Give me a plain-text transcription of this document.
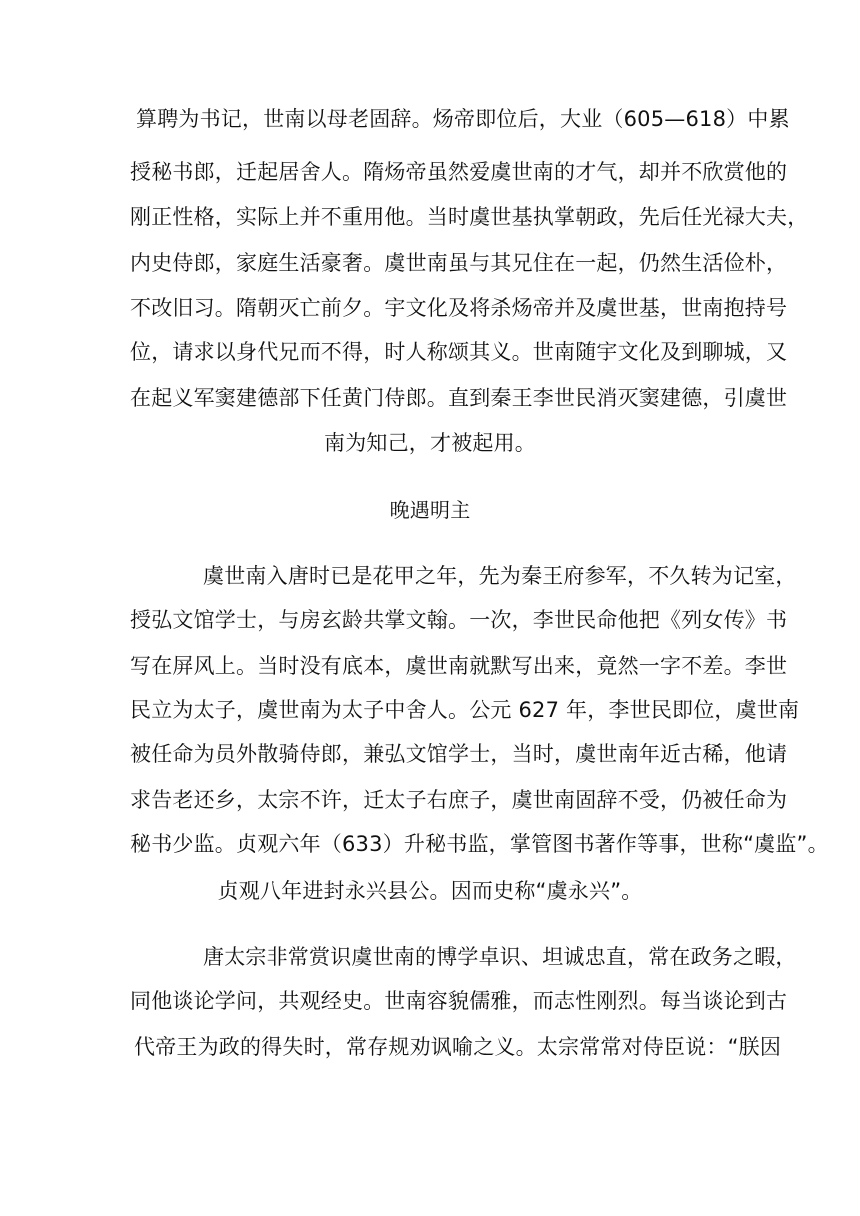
算聘为书记，世南以母老固辞。炀帝即位后，大业（605—618）中累
授秘书郎，迁起居舍人。隋炀帝虽然爱虞世南的才气，却并不欣赏他的
刚正性格，实际上并不重用他。当时虞世基执掌朝政，先后任光禄大夫，
内史侍郎，家庭生活豪奢。虞世南虽与其兄住在一起，仍然生活俭朴，
不改旧习。隋朝灭亡前夕。宇文化及将杀炀帝并及虞世基，世南抱持号
位，请求以身代兄而不得，时人称颂其义。世南随宇文化及到聊城，又
在起义军窦建德部下任黄门侍郎。直到秦王李世民消灭窦建德，引虞世
南为知己，才被起用。
晚遇明主
虞世南入唐时已是花甲之年，先为秦王府参军，不久转为记室，
授弘文馆学士，与房玄龄共掌文翰。一次，李世民命他把《列女传》书
写在屏风上。当时没有底本，虞世南就默写出来，竟然一字不差。李世
民立为太子，虞世南为太子中舍人。公元 627 年，李世民即位，虞世南
被任命为员外散骑侍郎，兼弘文馆学士，当时，虞世南年近古稀，他请
求告老还乡，太宗不许，迁太子右庶子，虞世南固辞不受，仍被任命为
秘书少监。贞观六年（633）升秘书监，掌管图书著作等事，世称“虞监”。
贞观八年进封永兴县公。因而史称“虞永兴”。
唐太宗非常赏识虞世南的博学卓识、坦诚忠直，常在政务之暇，
同他谈论学问，共观经史。世南容貌儒雅，而志性刚烈。每当谈论到古
代帝王为政的得失时，常存规劝讽喻之义。太宗常常对侍臣说：“朕因
